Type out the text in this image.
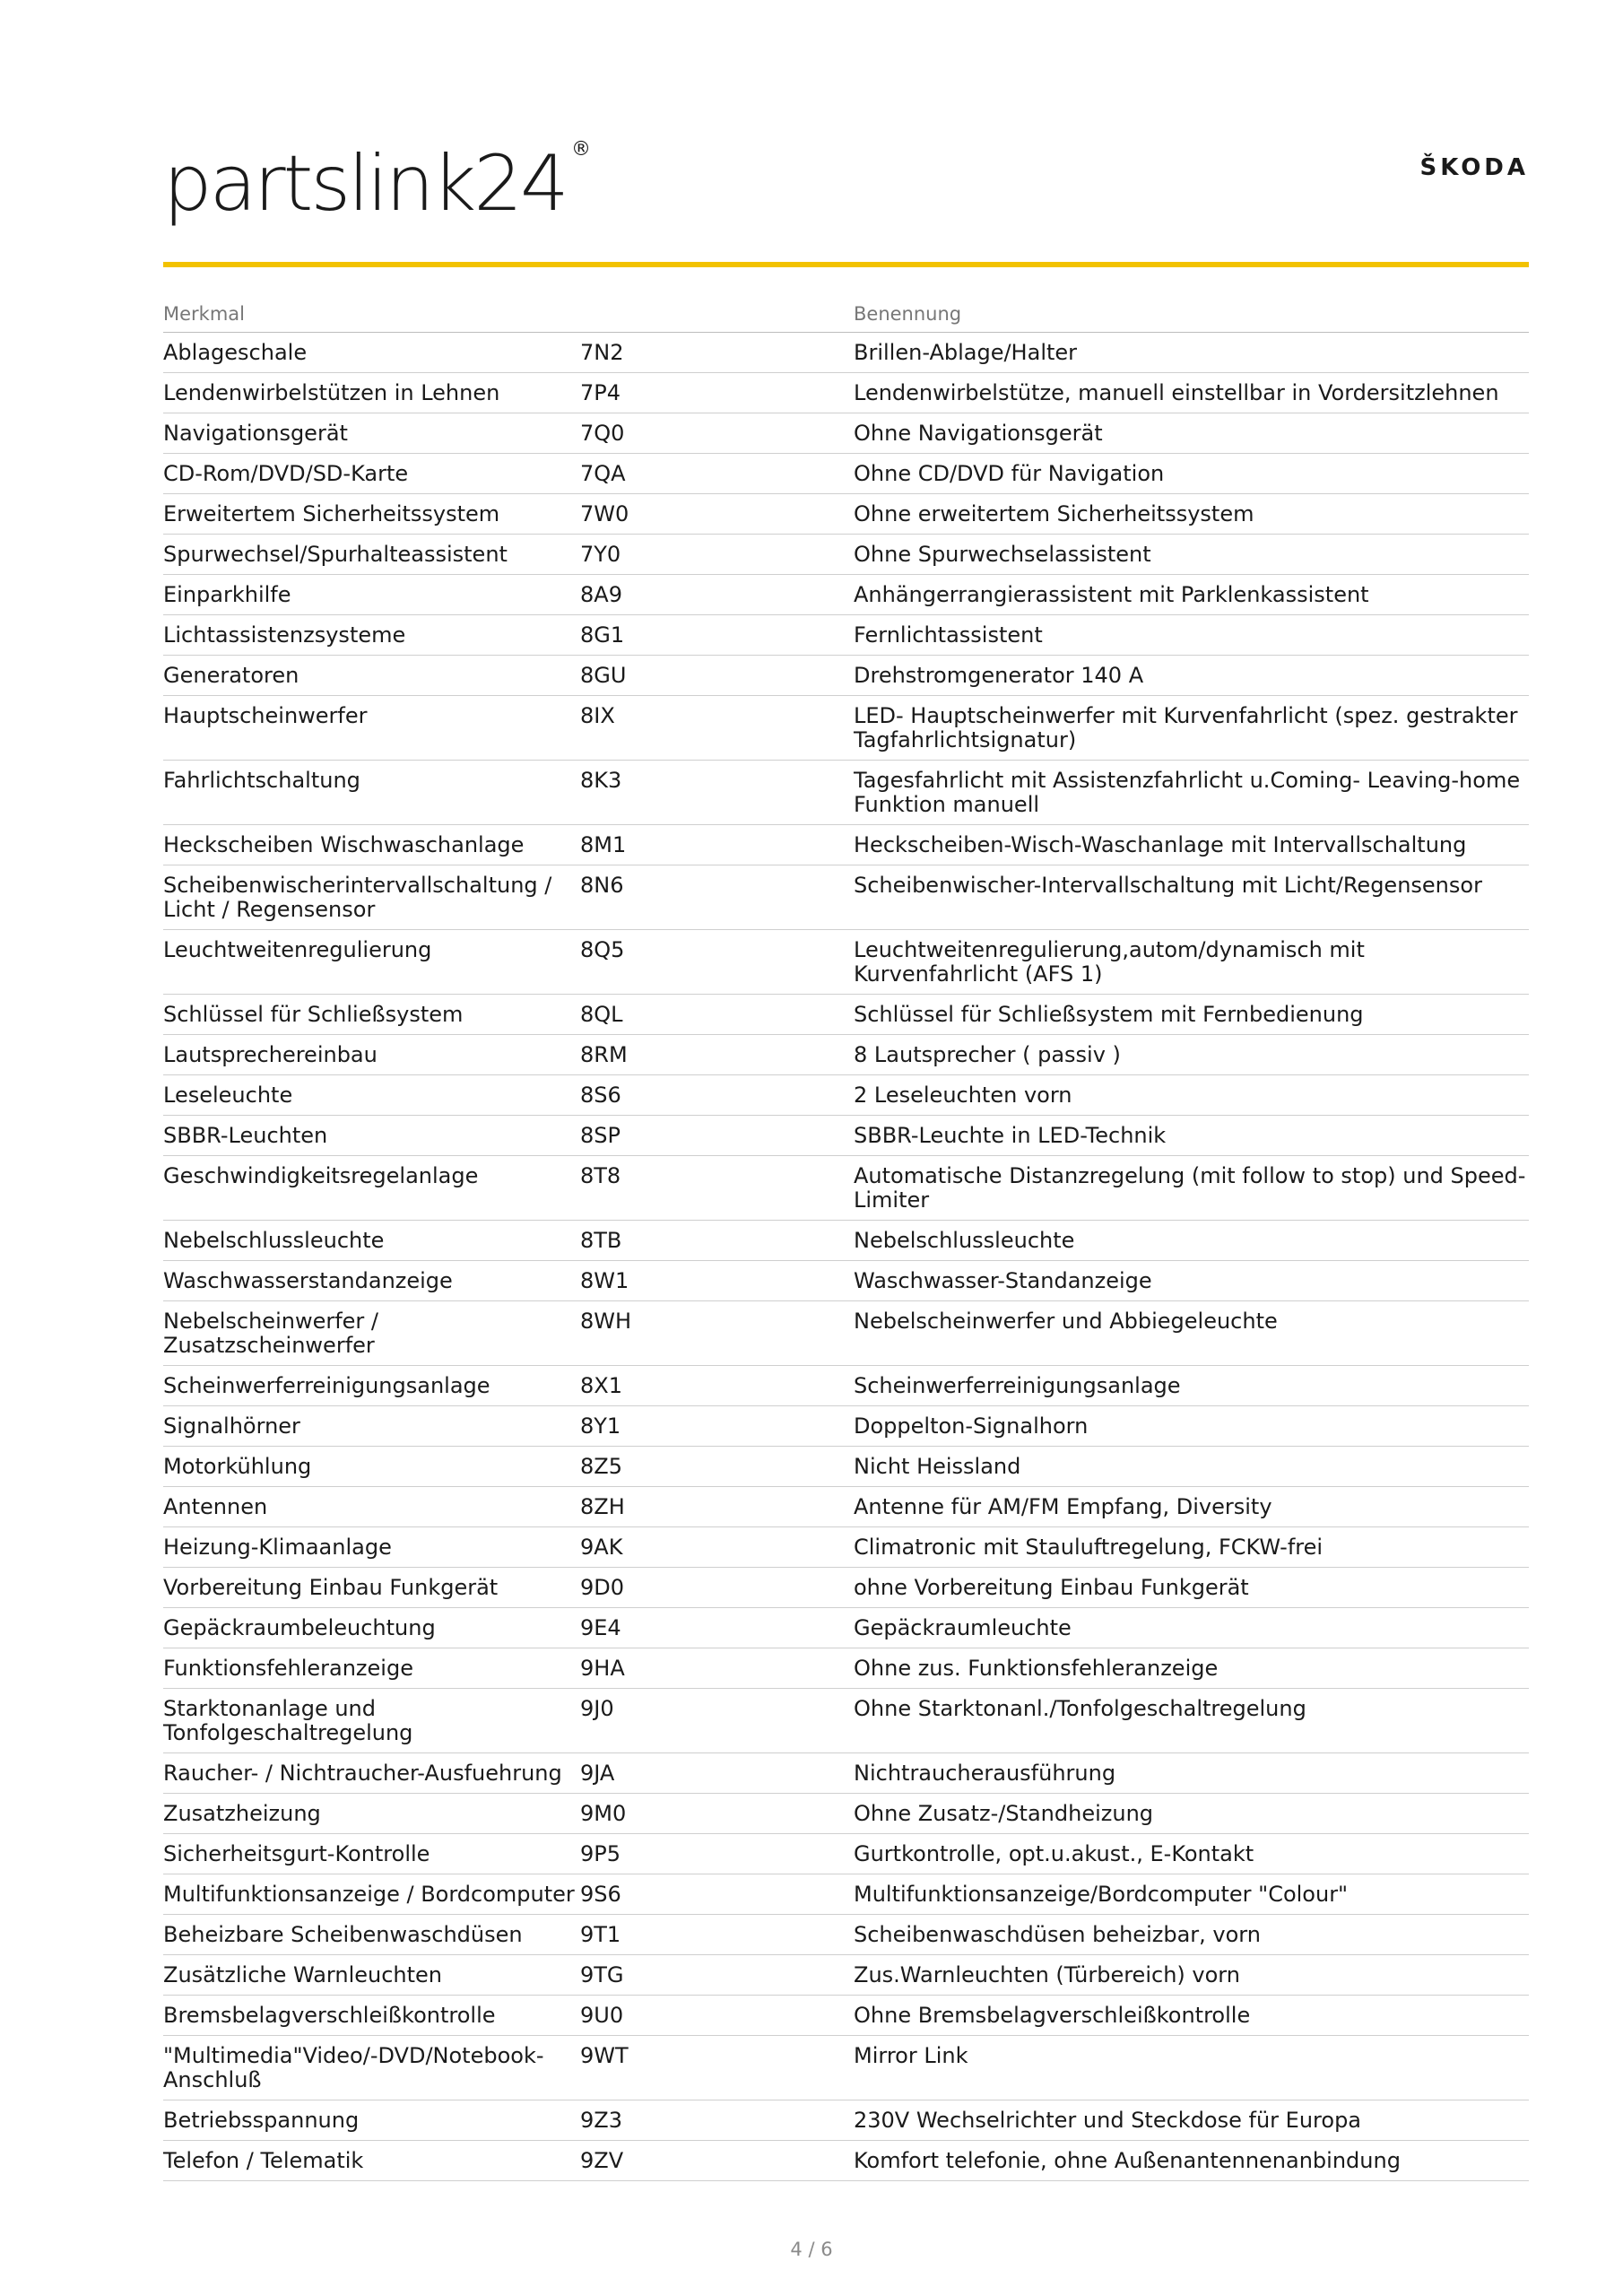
partslink24 ®
ŠKODA
Merkmal		Benennung
Ablageschale	7N2	Brillen-Ablage/Halter
Lendenwirbelstützen in Lehnen	7P4	Lendenwirbelstütze, manuell einstellbar in Vordersitzlehnen
Navigationsgerät	7Q0	Ohne Navigationsgerät
CD-Rom/DVD/SD-Karte	7QA	Ohne CD/DVD für Navigation
Erweitertem Sicherheitssystem	7W0	Ohne erweitertem Sicherheitssystem
Spurwechsel/Spurhalteassistent	7Y0	Ohne Spurwechselassistent
Einparkhilfe	8A9	Anhängerrangierassistent mit Parklenkassistent
Lichtassistenzsysteme	8G1	Fernlichtassistent
Generatoren	8GU	Drehstromgenerator 140 A
Hauptscheinwerfer	8IX	LED- Hauptscheinwerfer mit Kurvenfahrlicht (spez. gestrakter Tagfahrlichtsignatur)
Fahrlichtschaltung	8K3	Tagesfahrlicht mit Assistenzfahrlicht u.Coming- Leaving-home Funktion manuell
Heckscheiben Wischwaschanlage	8M1	Heckscheiben-Wisch-Waschanlage mit Intervallschaltung
Scheibenwischerintervallschaltung / Licht / Regensensor	8N6	Scheibenwischer-Intervallschaltung mit Licht/Regensensor
Leuchtweitenregulierung	8Q5	Leuchtweitenregulierung,autom/dynamisch mit Kurvenfahrlicht (AFS 1)
Schlüssel für Schließsystem	8QL	Schlüssel für Schließsystem mit Fernbedienung
Lautsprechereinbau	8RM	8 Lautsprecher ( passiv )
Leseleuchte	8S6	2 Leseleuchten vorn
SBBR-Leuchten	8SP	SBBR-Leuchte in LED-Technik
Geschwindigkeitsregelanlage	8T8	Automatische Distanzregelung (mit follow to stop) und Speed-Limiter
Nebelschlussleuchte	8TB	Nebelschlussleuchte
Waschwasserstandanzeige	8W1	Waschwasser-Standanzeige
Nebelscheinwerfer / Zusatzscheinwerfer	8WH	Nebelscheinwerfer und Abbiegeleuchte
Scheinwerferreinigungsanlage	8X1	Scheinwerferreinigungsanlage
Signalhörner	8Y1	Doppelton-Signalhorn
Motorkühlung	8Z5	Nicht Heissland
Antennen	8ZH	Antenne für AM/FM Empfang, Diversity
Heizung-Klimaanlage	9AK	Climatronic mit Stauluftregelung, FCKW-frei
Vorbereitung Einbau Funkgerät	9D0	ohne Vorbereitung Einbau Funkgerät
Gepäckraumbeleuchtung	9E4	Gepäckraumleuchte
Funktionsfehleranzeige	9HA	Ohne zus. Funktionsfehleranzeige
Starktonanlage und Tonfolgeschaltregelung	9J0	Ohne Starktonanl./Tonfolgeschaltregelung
Raucher- / Nichtraucher-Ausfuehrung	9JA	Nichtraucherausführung
Zusatzheizung	9M0	Ohne Zusatz-/Standheizung
Sicherheitsgurt-Kontrolle	9P5	Gurtkontrolle, opt.u.akust., E-Kontakt
Multifunktionsanzeige / Bordcomputer	9S6	Multifunktionsanzeige/Bordcomputer "Colour"
Beheizbare Scheibenwaschdüsen	9T1	Scheibenwaschdüsen beheizbar, vorn
Zusätzliche Warnleuchten	9TG	Zus.Warnleuchten (Türbereich) vorn
Bremsbelagverschleißkontrolle	9U0	Ohne Bremsbelagverschleißkontrolle
"Multimedia"Video/-DVD/Notebook-Anschluß	9WT	Mirror Link
Betriebsspannung	9Z3	230V Wechselrichter und Steckdose für Europa
Telefon / Telematik	9ZV	Komfort telefonie, ohne Außenantennenanbindung
4 / 6
